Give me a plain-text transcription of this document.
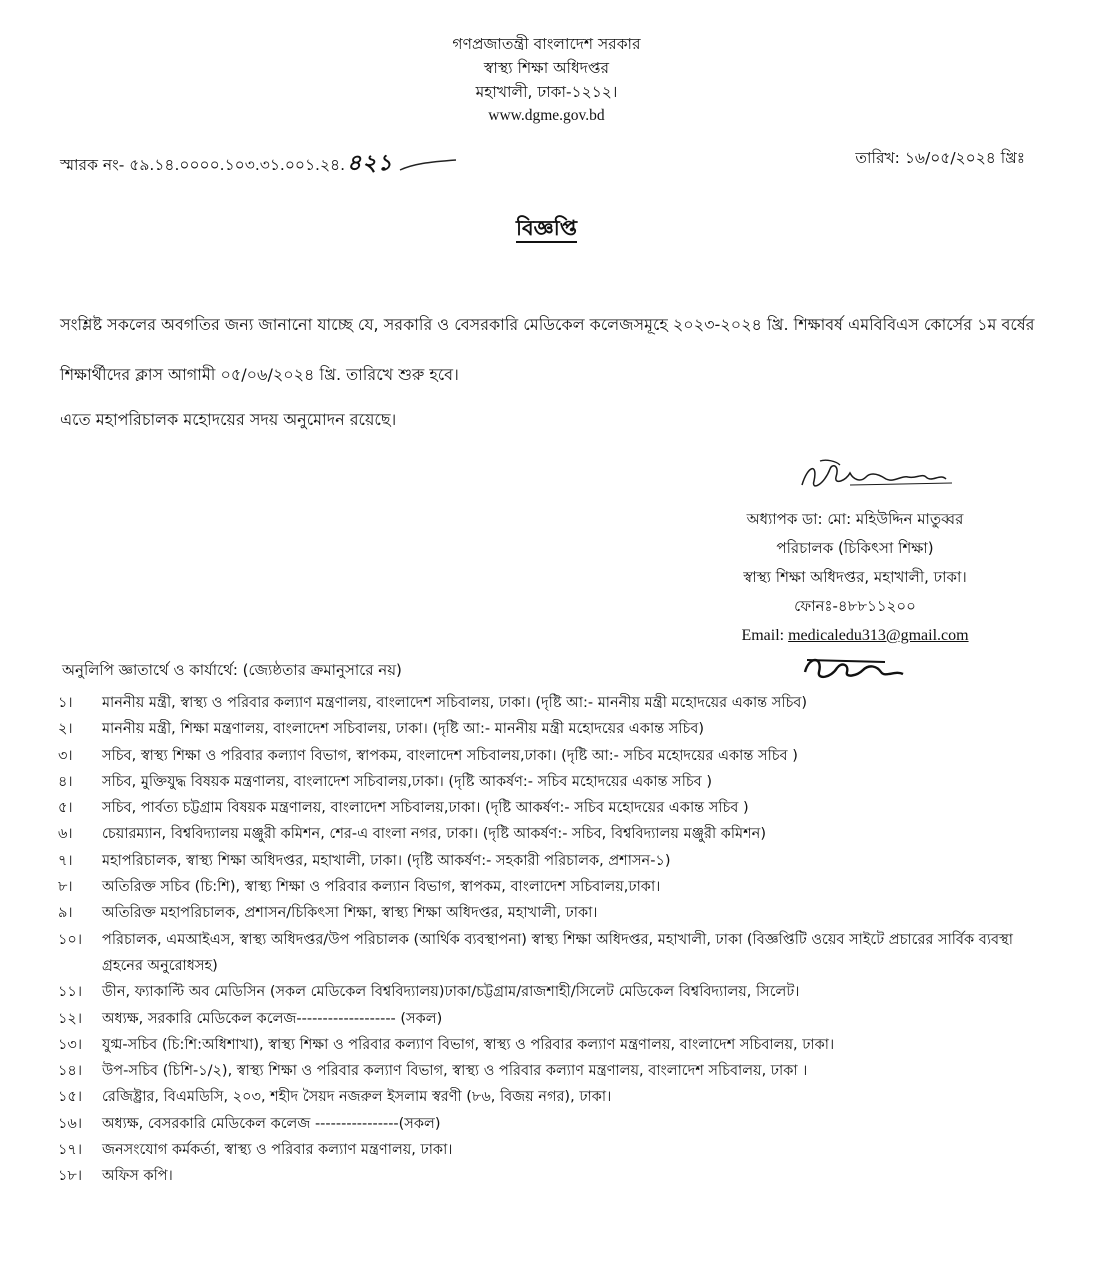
গণপ্রজাতন্ত্রী বাংলাদেশ সরকার
স্বাস্থ্য শিক্ষা অধিদপ্তর
মহাখালী, ঢাকা-১২১২।
www.dgme.gov.bd
স্মারক নং- ৫৯.১৪.০০০০.১০৩.৩১.০০১.২৪.৪২১	তারিখ: ১৬/০৫/২০২৪ খ্রিঃ
বিজ্ঞপ্তি
সংশ্লিষ্ট সকলের অবগতির জন্য জানানো যাচ্ছে যে, সরকারি ও বেসরকারি মেডিকেল কলেজসমূহে ২০২৩-২০২৪ খ্রি. শিক্ষাবর্ষ এমবিবিএস কোর্সের ১ম বর্ষের শিক্ষার্থীদের ক্লাস আগামী ০৫/০৬/২০২৪ খ্রি. তারিখে শুরু হবে।
এতে মহাপরিচালক মহোদয়ের সদয় অনুমোদন রয়েছে।
অধ্যাপক ডা: মো: মহিউদ্দিন মাতুব্বর
পরিচালক (চিকিৎসা শিক্ষা)
স্বাস্থ্য শিক্ষা অধিদপ্তর, মহাখালী, ঢাকা।
ফোনঃ-৪৮৮১১২০০
Email: medicaledu313@gmail.com
অনুলিপি জ্ঞাতার্থে ও কার্যার্থে: (জ্যেষ্ঠতার ক্রমানুসারে নয়)
১। মাননীয় মন্ত্রী, স্বাস্থ্য ও পরিবার কল্যাণ মন্ত্রণালয়, বাংলাদেশ সচিবালয়, ঢাকা। (দৃষ্টি আ:- মাননীয় মন্ত্রী মহোদয়ের একান্ত সচিব)
২। মাননীয় মন্ত্রী, শিক্ষা মন্ত্রণালয়, বাংলাদেশ সচিবালয়, ঢাকা। (দৃষ্টি আ:- মাননীয় মন্ত্রী মহোদয়ের একান্ত সচিব)
৩। সচিব, স্বাস্থ্য শিক্ষা ও পরিবার কল্যাণ বিভাগ, স্বাপকম, বাংলাদেশ সচিবালয়,ঢাকা। (দৃষ্টি আ:- সচিব মহোদয়ের একান্ত সচিব )
৪। সচিব, মুক্তিযুদ্ধ বিষয়ক মন্ত্রণালয়, বাংলাদেশ সচিবালয়,ঢাকা। (দৃষ্টি আকর্ষণ:- সচিব মহোদয়ের একান্ত সচিব )
৫। সচিব, পার্বত্য চট্টগ্রাম বিষয়ক মন্ত্রণালয়, বাংলাদেশ সচিবালয়,ঢাকা। (দৃষ্টি আকর্ষণ:- সচিব মহোদয়ের একান্ত সচিব )
৬। চেয়ারম্যান, বিশ্ববিদ্যালয় মঞ্জুরী কমিশন, শের-এ বাংলা নগর, ঢাকা। (দৃষ্টি আকর্ষণ:- সচিব, বিশ্ববিদ্যালয় মঞ্জুরী কমিশন)
৭। মহাপরিচালক, স্বাস্থ্য শিক্ষা অধিদপ্তর, মহাখালী, ঢাকা। (দৃষ্টি আকর্ষণ:- সহকারী পরিচালক, প্রশাসন-১)
৮। অতিরিক্ত সচিব (চি:শি), স্বাস্থ্য শিক্ষা ও পরিবার কল্যান বিভাগ, স্বাপকম, বাংলাদেশ সচিবালয়,ঢাকা।
৯। অতিরিক্ত মহাপরিচালক, প্রশাসন/চিকিৎসা শিক্ষা, স্বাস্থ্য শিক্ষা অধিদপ্তর, মহাখালী, ঢাকা।
১০। পরিচালক, এমআইএস, স্বাস্থ্য অধিদপ্তর/উপ পরিচালক (আর্থিক ব্যবস্থাপনা) স্বাস্থ্য শিক্ষা অধিদপ্তর, মহাখালী, ঢাকা (বিজ্ঞপ্তিটি ওয়েব সাইটে প্রচারের সার্বিক ব্যবস্থা গ্রহনের অনুরোধসহ)
১১। ডীন, ফ্যাকাল্টি অব মেডিসিন (সকল মেডিকেল বিশ্ববিদ্যালয়)ঢাকা/চট্টগ্রাম/রাজশাহী/সিলেট মেডিকেল বিশ্ববিদ্যালয়, সিলেট।
১২। অধ্যক্ষ, সরকারি মেডিকেল কলেজ------------------- (সকল)
১৩। যুগ্ম-সচিব (চি:শি:অধিশাখা), স্বাস্থ্য শিক্ষা ও পরিবার কল্যাণ বিভাগ, স্বাস্থ্য ও পরিবার কল্যাণ মন্ত্রণালয়, বাংলাদেশ সচিবালয়, ঢাকা।
১৪। উপ-সচিব (চিশি-১/২), স্বাস্থ্য শিক্ষা ও পরিবার কল্যাণ বিভাগ, স্বাস্থ্য ও পরিবার কল্যাণ মন্ত্রণালয়, বাংলাদেশ সচিবালয়, ঢাকা ।
১৫। রেজিষ্ট্রার, বিএমডিসি, ২০৩, শহীদ সৈয়দ নজরুল ইসলাম স্বরণী (৮৬, বিজয় নগর), ঢাকা।
১৬। অধ্যক্ষ, বেসরকারি মেডিকেল কলেজ ----------------(সকল)
১৭। জনসংযোগ কর্মকর্তা, স্বাস্থ্য ও পরিবার কল্যাণ মন্ত্রণালয়, ঢাকা।
১৮। অফিস কপি।
